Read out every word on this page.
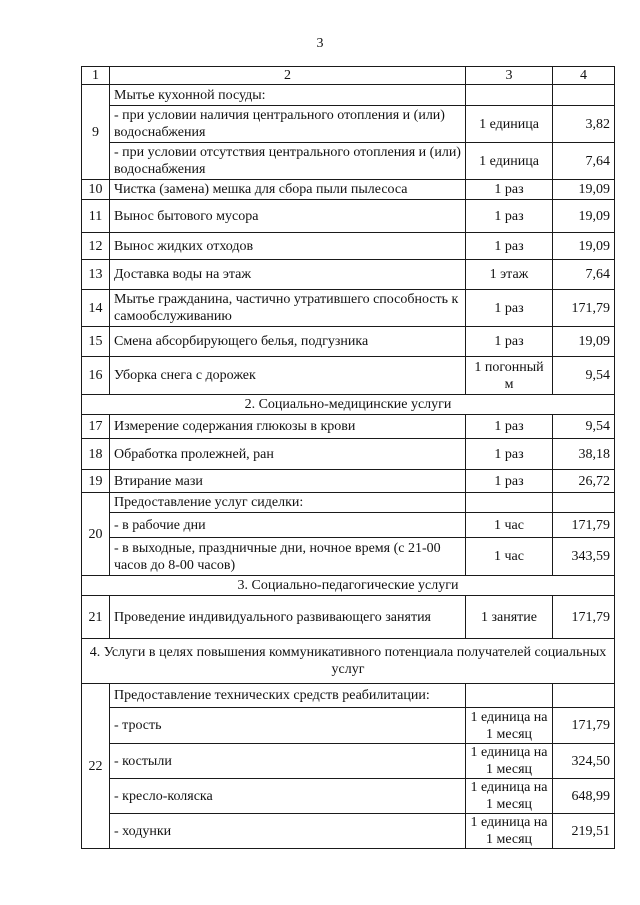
3
1	2	3	4
9	Мытье кухонной посуды:		
	- при условии наличия центрального отопления и (или) водоснабжения	1 единица	3,82
	- при условии отсутствия центрального отопления и (или) водоснабжения	1 единица	7,64
10	Чистка (замена) мешка для сбора пыли пылесоса	1 раз	19,09
11	Вынос бытового мусора	1 раз	19,09
12	Вынос жидких отходов	1 раз	19,09
13	Доставка воды на этаж	1 этаж	7,64
14	Мытье гражданина, частично утратившего способность к самообслуживанию	1 раз	171,79
15	Смена абсорбирующего белья, подгузника	1 раз	19,09
16	Уборка снега с дорожек	1 погонный м	9,54
2. Социально-медицинские услуги			
17	Измерение содержания глюкозы в крови	1 раз	9,54
18	Обработка пролежней, ран	1 раз	38,18
19	Втирание мази	1 раз	26,72
20	Предоставление услуг сиделки:		
	- в рабочие дни	1 час	171,79
	- в выходные, праздничные дни, ночное время (с 21-00 часов до 8-00 часов)	1 час	343,59
3. Социально-педагогические услуги			
21	Проведение индивидуального развивающего занятия	1 занятие	171,79
4. Услуги в целях повышения коммуникативного потенциала получателей социальных услуг			
22	Предоставление технических средств реабилитации:		
	- трость	1 единица на 1 месяц	171,79
	- костыли	1 единица на 1 месяц	324,50
	- кресло-коляска	1 единица на 1 месяц	648,99
	- ходунки	1 единица на 1 месяц	219,51
